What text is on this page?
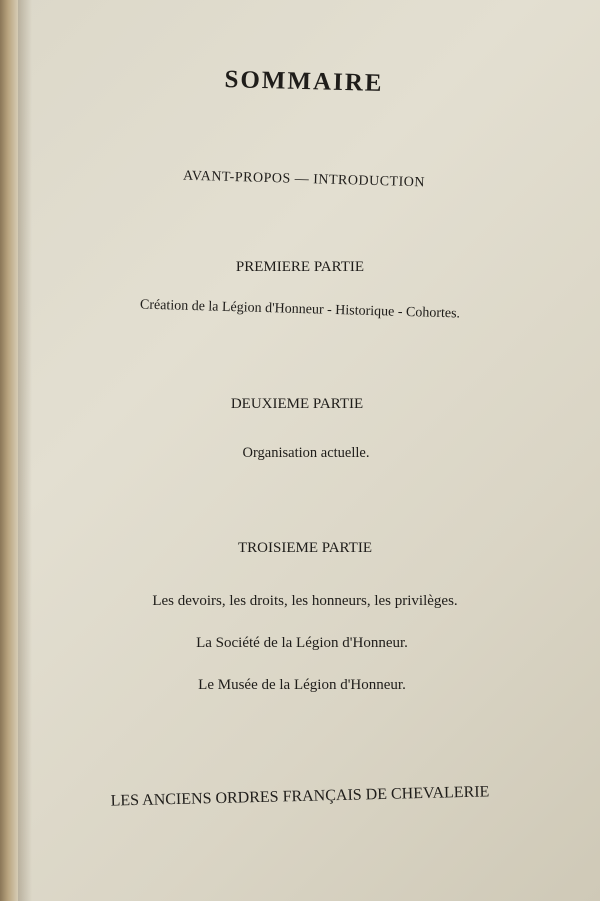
SOMMAIRE
AVANT-PROPOS — INTRODUCTION
PREMIERE PARTIE
Création de la Légion d'Honneur - Historique - Cohortes.
DEUXIEME PARTIE
Organisation actuelle.
TROISIEME PARTIE
Les devoirs, les droits, les honneurs, les privilèges.
La Société de la Légion d'Honneur.
Le Musée de la Légion d'Honneur.
LES ANCIENS ORDRES FRANÇAIS DE CHEVALERIE
